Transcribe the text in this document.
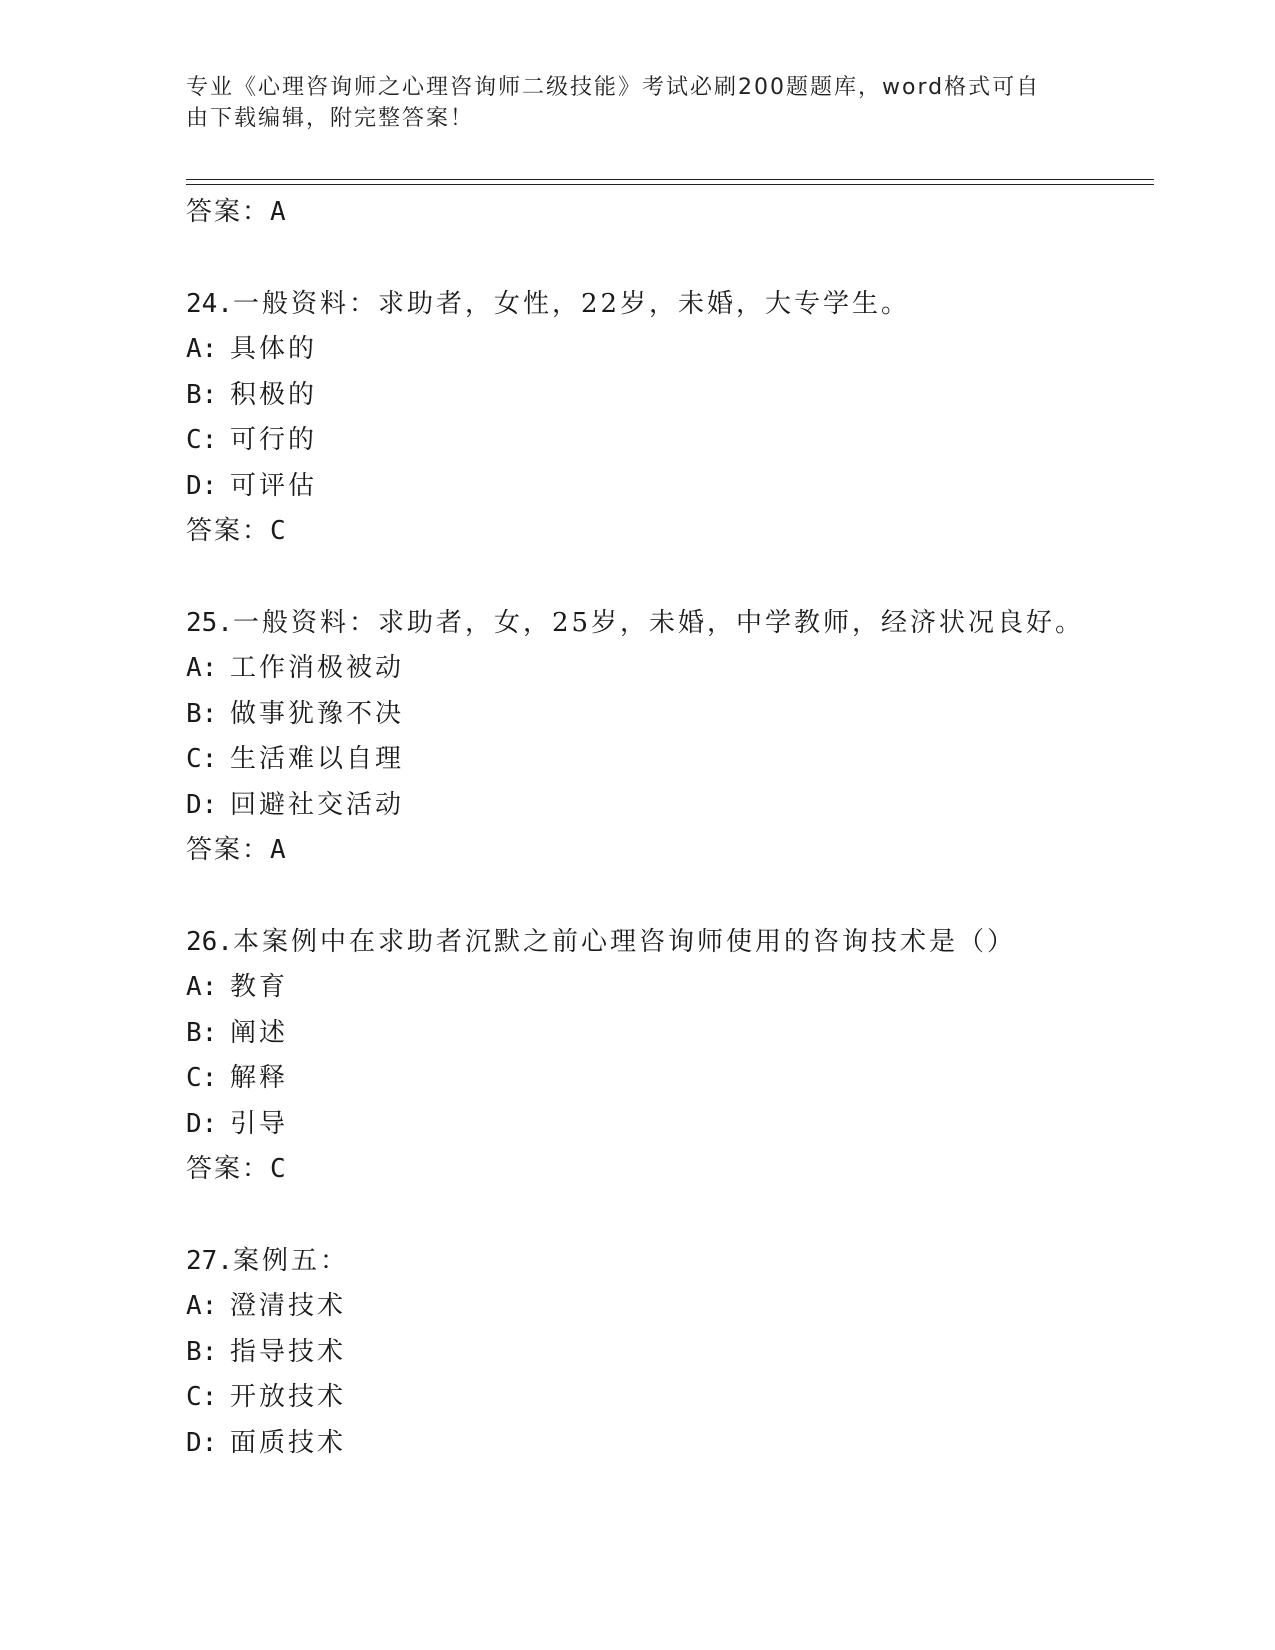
专业《心理咨询师之心理咨询师二级技能》考试必刷200题题库，word格式可自
由下载编辑，附完整答案！
答案：A
24.一般资料：求助者，女性，22岁，未婚，大专学生。
A: 具体的
B: 积极的
C: 可行的
D: 可评估
答案：C
25.一般资料：求助者，女，25岁，未婚，中学教师，经济状况良好。
A: 工作消极被动
B: 做事犹豫不决
C: 生活难以自理
D: 回避社交活动
答案：A
26.本案例中在求助者沉默之前心理咨询师使用的咨询技术是（）
A: 教育
B: 阐述
C: 解释
D: 引导
答案：C
27.案例五：
A: 澄清技术
B: 指导技术
C: 开放技术
D: 面质技术
